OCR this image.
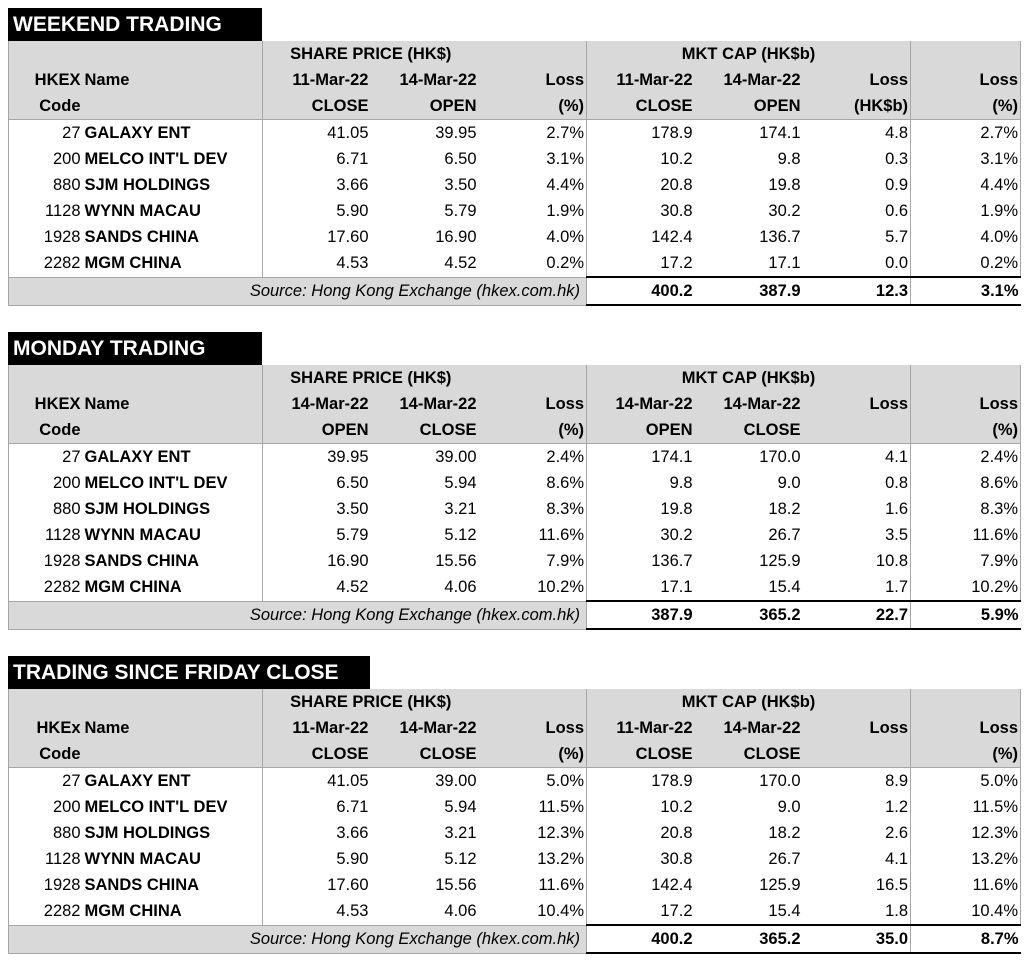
WEEKEND TRADING
		SHARE PRICE (HK$)			MKT CAP (HK$b)			
HKEX	Name	11-Mar-22	14-Mar-22	Loss	11-Mar-22	14-Mar-22	Loss	Loss
Code		CLOSE	OPEN	(%)	CLOSE	OPEN	(HK$b)	(%)
27	GALAXY ENT	41.05	39.95	2.7%	178.9	174.1	4.8	2.7%
200	MELCO INT'L DEV	6.71	6.50	3.1%	10.2	9.8	0.3	3.1%
880	SJM HOLDINGS	3.66	3.50	4.4%	20.8	19.8	0.9	4.4%
1128	WYNN MACAU	5.90	5.79	1.9%	30.8	30.2	0.6	1.9%
1928	SANDS CHINA	17.60	16.90	4.0%	142.4	136.7	5.7	4.0%
2282	MGM CHINA	4.53	4.52	0.2%	17.2	17.1	0.0	0.2%
Source: Hong Kong Exchange (hkex.com.hk)					400.2	387.9	12.3	3.1%
MONDAY TRADING
		SHARE PRICE (HK$)			MKT CAP (HK$b)			
HKEX	Name	14-Mar-22	14-Mar-22	Loss	14-Mar-22	14-Mar-22	Loss	Loss
Code		OPEN	CLOSE	(%)	OPEN	CLOSE		(%)
27	GALAXY ENT	39.95	39.00	2.4%	174.1	170.0	4.1	2.4%
200	MELCO INT'L DEV	6.50	5.94	8.6%	9.8	9.0	0.8	8.6%
880	SJM HOLDINGS	3.50	3.21	8.3%	19.8	18.2	1.6	8.3%
1128	WYNN MACAU	5.79	5.12	11.6%	30.2	26.7	3.5	11.6%
1928	SANDS CHINA	16.90	15.56	7.9%	136.7	125.9	10.8	7.9%
2282	MGM CHINA	4.52	4.06	10.2%	17.1	15.4	1.7	10.2%
Source: Hong Kong Exchange (hkex.com.hk)					387.9	365.2	22.7	5.9%
TRADING SINCE FRIDAY CLOSE
		SHARE PRICE (HK$)			MKT CAP (HK$b)			
HKEx	Name	11-Mar-22	14-Mar-22	Loss	11-Mar-22	14-Mar-22	Loss	Loss
Code		CLOSE	CLOSE	(%)	CLOSE	CLOSE		(%)
27	GALAXY ENT	41.05	39.00	5.0%	178.9	170.0	8.9	5.0%
200	MELCO INT'L DEV	6.71	5.94	11.5%	10.2	9.0	1.2	11.5%
880	SJM HOLDINGS	3.66	3.21	12.3%	20.8	18.2	2.6	12.3%
1128	WYNN MACAU	5.90	5.12	13.2%	30.8	26.7	4.1	13.2%
1928	SANDS CHINA	17.60	15.56	11.6%	142.4	125.9	16.5	11.6%
2282	MGM CHINA	4.53	4.06	10.4%	17.2	15.4	1.8	10.4%
Source: Hong Kong Exchange (hkex.com.hk)					400.2	365.2	35.0	8.7%
